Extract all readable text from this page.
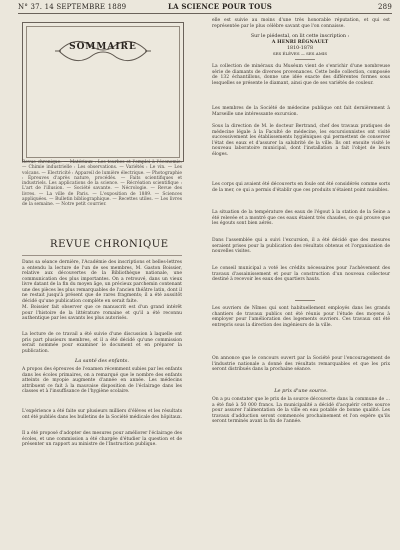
N° 37. 14 SEPTEMBRE 1889	LA SCIENCE POUR TOUS	289
SOMMAIRE
Revue chronique. — Matériaux : Les tourbes et l'emploi à l'économie. — Chimie industrielle : Les observations. — Variétés : Le vin. — Les volcans. — Electricité : Appareil de lumière électrique. — Photographie : Épreuves d'après nature, procédés. — Faits scientifiques et industriels. Les applications de la science. — Récréation scientifique : L'art de l'illusion. — Société savante. — Nécrologie. — Revue des livres. — La ville de Paris. — L'exposition de 1889. — Sciences appliquées. — Bulletin bibliographique. — Recettes utiles. — Les livres de la semaine. — Notre petit courrier.
REVUE CHRONIQUE
Dans sa séance dernière, l'Académie des inscriptions et belles-lettres a entendu la lecture de l'un de ses membres, M. Gaston Boissier, relative aux découvertes de la Bibliothèque nationale, une communication des plus importantes. On a retrouvé, dans un vieux livre datant de la fin du moyen âge, un précieux parchemin contenant une des pièces les plus remarquables de l'ancien théâtre latin, dont il ne restait jusqu'à présent que de rares fragments; il a été aussitôt décidé qu'une publication complète en serait faite.
M. Boissier fait observer que ce manuscrit est d'un grand intérêt pour l'histoire de la littérature romaine et qu'il a été reconnu authentique par les savants les plus autorisés.
La lecture de ce travail a été suivie d'une discussion à laquelle ont pris part plusieurs membres, et il a été décidé qu'une commission serait nommée pour examiner le document et en préparer la publication.
La santé des enfants.
A propos des épreuves de l'examen récemment subies par les enfants dans les écoles primaires, on a remarqué que le nombre des enfants atteints de myopie augmente d'année en année. Les médecins attribuent ce fait à la mauvaise disposition de l'éclairage dans les classes et à l'insuffisance de l'hygiène scolaire.
L'expérience a été faite sur plusieurs milliers d'élèves et les résultats ont été publiés dans les bulletins de la Société médicale des hôpitaux.
Il a été proposé d'adopter des mesures pour améliorer l'éclairage des écoles, et une commission a été chargée d'étudier la question et de présenter un rapport au ministre de l'Instruction publique.
elle est suivie au moins d'une très honorable réputation, et qui est représentée par le plus célèbre savant que l'on connaisse.
Sur le piédestal, on lit cette inscription :
A HENRI RÉGNAULT
1810-1878
SES ÉLÈVES — SES AMIS
La collection de minéraux du Muséum vient de s'enrichir d'une nombreuse série de diamants de diverses provenances. Cette belle collection, composée de 132 échantillons, donne une idée exacte des différentes formes sous lesquelles se présente le diamant, ainsi que de ses variétés de couleur.
Les membres de la Société de médecine publique ont fait dernièrement à Marseille une intéressante excursion.
Sous la direction de M. le docteur Bertrand, chef des travaux pratiques de médecine légale à la Faculté de médecine, les excursionnistes ont visité successivement les établissements hygiéniques qui permettent de conserver l'état des eaux et d'assurer la salubrité de la ville. Ils ont ensuite visité le nouveau laboratoire municipal, dont l'installation a fait l'objet de leurs éloges.
Les corps qui avaient été découverts en foule ont été considérés comme sorts de la mer, ce qui a permis d'établir que ces produits n'étaient point nuisibles.
La situation de la température des eaux de l'égout à la station de la Seine a été relevée et a montré que ces eaux étaient très chaudes, ce qui prouve que les égouts sont bien aérés.
Dans l'assemblée qui a suivi l'excursion, il a été décidé que des mesures seraient prises pour la publication des résultats obtenus et l'organisation de nouvelles visites.
Le conseil municipal a voté les crédits nécessaires pour l'achèvement des travaux d'assainissement et pour la construction d'un nouveau collecteur destiné à recevoir les eaux des quartiers hauts.
Les ouvriers de Nîmes qui sont habituellement employés dans les grands chantiers de travaux publics ont été réunis pour l'étude des moyens à employer pour l'amélioration des logements ouvriers. Ces travaux ont été entrepris sous la direction des ingénieurs de la ville.
On annonce que le concours ouvert par la Société pour l'encouragement de l'industrie nationale a donné des résultats remarquables et que les prix seront distribués dans la prochaine séance.
Le prix d'une source.
On a pu constater que le prix de la source découverte dans la commune de ... a été fixé à 50 000 francs. La municipalité a décidé d'acquérir cette source pour assurer l'alimentation de la ville en eau potable de bonne qualité. Les travaux d'adduction seront commencés prochainement et l'on espère qu'ils seront terminés avant la fin de l'année.
